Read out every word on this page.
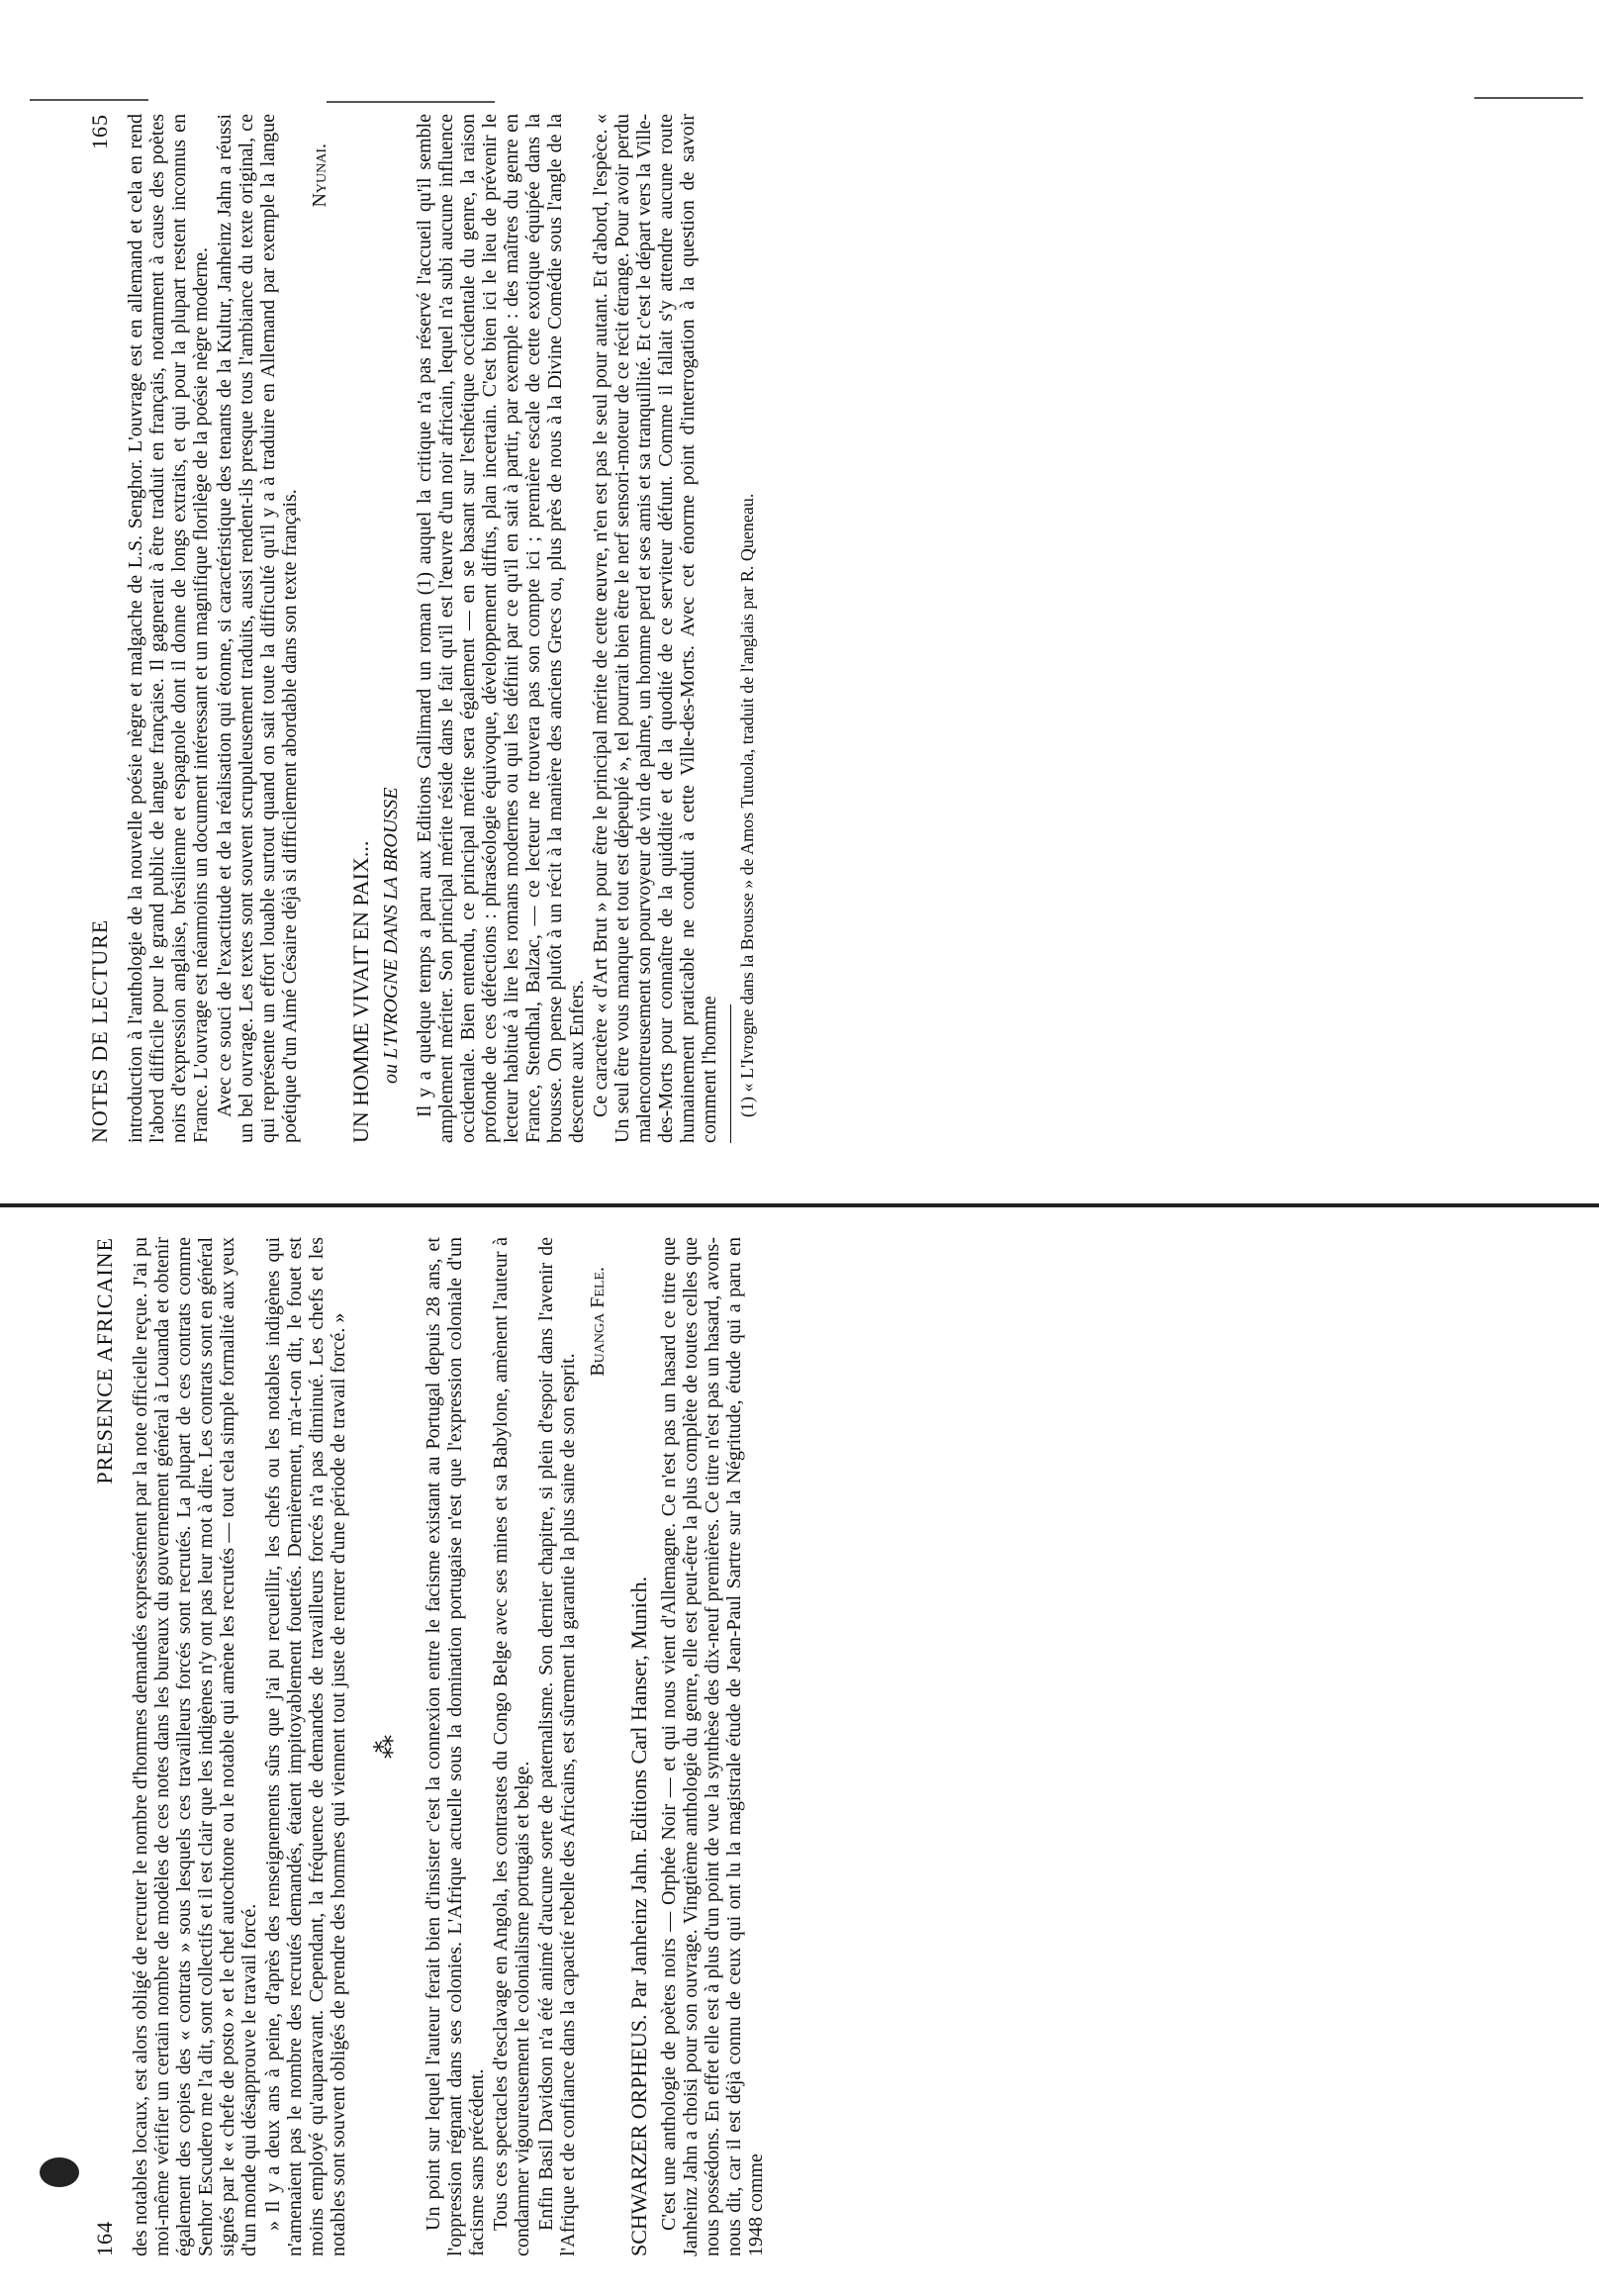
NOTES DE LECTURE
165 introduction à l'anthologie de la nouvelle poésie nègre et malgache de L.S. Senghor. L'ouvrage est en allemand et cela en rend l'abord difficile pour le grand public de langue française. Il gagnerait à être traduit en français, notamment à cause des poètes noirs d'expression anglaise, brésilienne et espagnole dont il donne de longs extraits, et qui pour la plupart restent inconnus en France. L'ouvrage est néanmoins un document intéressant et un magnifique florilège de la poésie nègre moderne. Avec ce souci de l'exactitude et de la réalisation qui étonne, si caractéristique des tenants de la Kultur, Janheinz Jahn a réussi un bel ouvrage. Les textes sont souvent scrupuleusement traduits, aussi rendent-ils presque tous l'ambiance du texte original, ce qui représente un effort louable surtout quand on sait toute la difficulté qu'il y a à traduire en Allemand par exemple la langue poétique d'un Aimé Césaire déjà si difficilement abordable dans son texte français.

Nyunai.
UN HOMME VIVAIT EN PAIX... ou L'IVROGNE DANS LA BROUSSE Il y a quelque temps a paru aux Editions Gallimard un roman (1) auquel la critique n'a pas réservé l'accueil qu'il semble amplement mériter. Son principal mérite réside dans le fait qu'il est l'œuvre d'un noir africain, lequel n'a subi aucune influence occidentale. Bien entendu, ce principal mérite sera également — en se basant sur l'esthétique occidentale du genre, la raison profonde de ces défections : phraséologie équivoque, développement diffus, plan incertain. C'est bien ici le lieu de prévenir le lecteur habitué à lire les romans modernes ou qui les définit par ce qu'il en sait à partir, par exemple : des maîtres du genre en France, Stendhal, Balzac, — ce lecteur ne trouvera pas son compte ici ; première escale de cette exotique équipée dans la brousse. On pense plutôt à un récit à la manière des anciens Grecs ou, plus près de nous à la Divine Comédie sous l'angle de la descente aux Enfers. Ce caractère « d'Art Brut » pour être le principal mérite de cette œuvre, n'en est pas le seul pour autant. Et d'abord, l'espèce. « Un seul être vous manque et tout est dépeuplé », tel pourrait bien être le nerf sensori-moteur de ce récit étrange. Pour avoir perdu malencontreusement son pourvoyeur de vin de palme, un homme perd et ses amis et sa tranquillité. Et c'est le départ vers la Ville-des-Morts pour connaître de la quiddité et de la quodité de ce serviteur défunt. Comme il fallait s'y attendre aucune route humainement praticable ne conduit à cette Ville-des-Morts. Avec cet énorme point d'interrogation à la question de savoir comment l'homme (1) « L'Ivrogne dans la Brousse » de Amos Tutuola, traduit de l'anglais par R. Queneau.

164
PRESENCE AFRICAINE des notables locaux, est alors obligé de recruter le nombre d'hommes demandés expressément par la note officielle reçue. J'ai pu moi-même vérifier un certain nombre de modèles de ces notes dans les bureaux du gouvernement général à Louanda et obtenir également des copies des « contrats » sous lesquels ces travailleurs forcés sont recrutés. La plupart de ces contrats comme Senhor Escudero me l'a dit, sont collectifs et il est clair que les indigènes n'y ont pas leur mot à dire. Les contrats sont en général signés par le « chefe de posto » et le chef autochtone ou le notable qui amène les recrutés — tout cela simple formalité aux yeux d'un monde qui désapprouve le travail forcé. » Il y a deux ans à peine, d'après des renseignements sûrs que j'ai pu recueillir, les chefs ou les notables indigènes qui n'amenaient pas le nombre des recrutés demandés, étaient impitoyablement fouettés. Dernièrement, m'a-t-on dit, le fouet est moins employé qu'auparavant. Cependant, la fréquence de demandes de travailleurs forcés n'a pas diminué. Les chefs et les notables sont souvent obligés de prendre des hommes qui viennent tout juste de rentrer d'une période de travail forcé. » ⁂ Un point sur lequel l'auteur ferait bien d'insister c'est la connexion entre le facisme existant au Portugal depuis 28 ans, et l'oppression régnant dans ses colonies. L'Afrique actuelle sous la domination portugaise n'est que l'expression coloniale d'un facisme sans précédent. Tous ces spectacles d'esclavage en Angola, les contrastes du Congo Belge avec ses mines et sa Babylone, amènent l'auteur à condamner vigoureusement le colonialisme portugais et belge. Enfin Basil Davidson n'a été animé d'aucune sorte de paternalisme. Son dernier chapitre, si plein d'espoir dans l'avenir de l'Afrique et de confiance dans la capacité rebelle des Africains, est sûrement la garantie la plus saine de son esprit.

Buanga Fele.
SCHWARZER ORPHEUS. Par Janheinz Jahn. Editions Carl Hanser, Munich. C'est une anthologie de poètes noirs — Orphée Noir — et qui nous vient d'Allemagne. Ce n'est pas un hasard ce titre que Janheinz Jahn a choisi pour son ouvrage. Vingtième anthologie du genre, elle est peut-être la plus complète de toutes celles que nous possédons. En effet elle est à plus d'un point de vue la synthèse des dix-neuf premières. Ce titre n'est pas un hasard, avons-nous dit, car il est déjà connu de ceux qui ont lu la magistrale étude de Jean-Paul Sartre sur la Négritude, étude qui a paru en 1948 comme
